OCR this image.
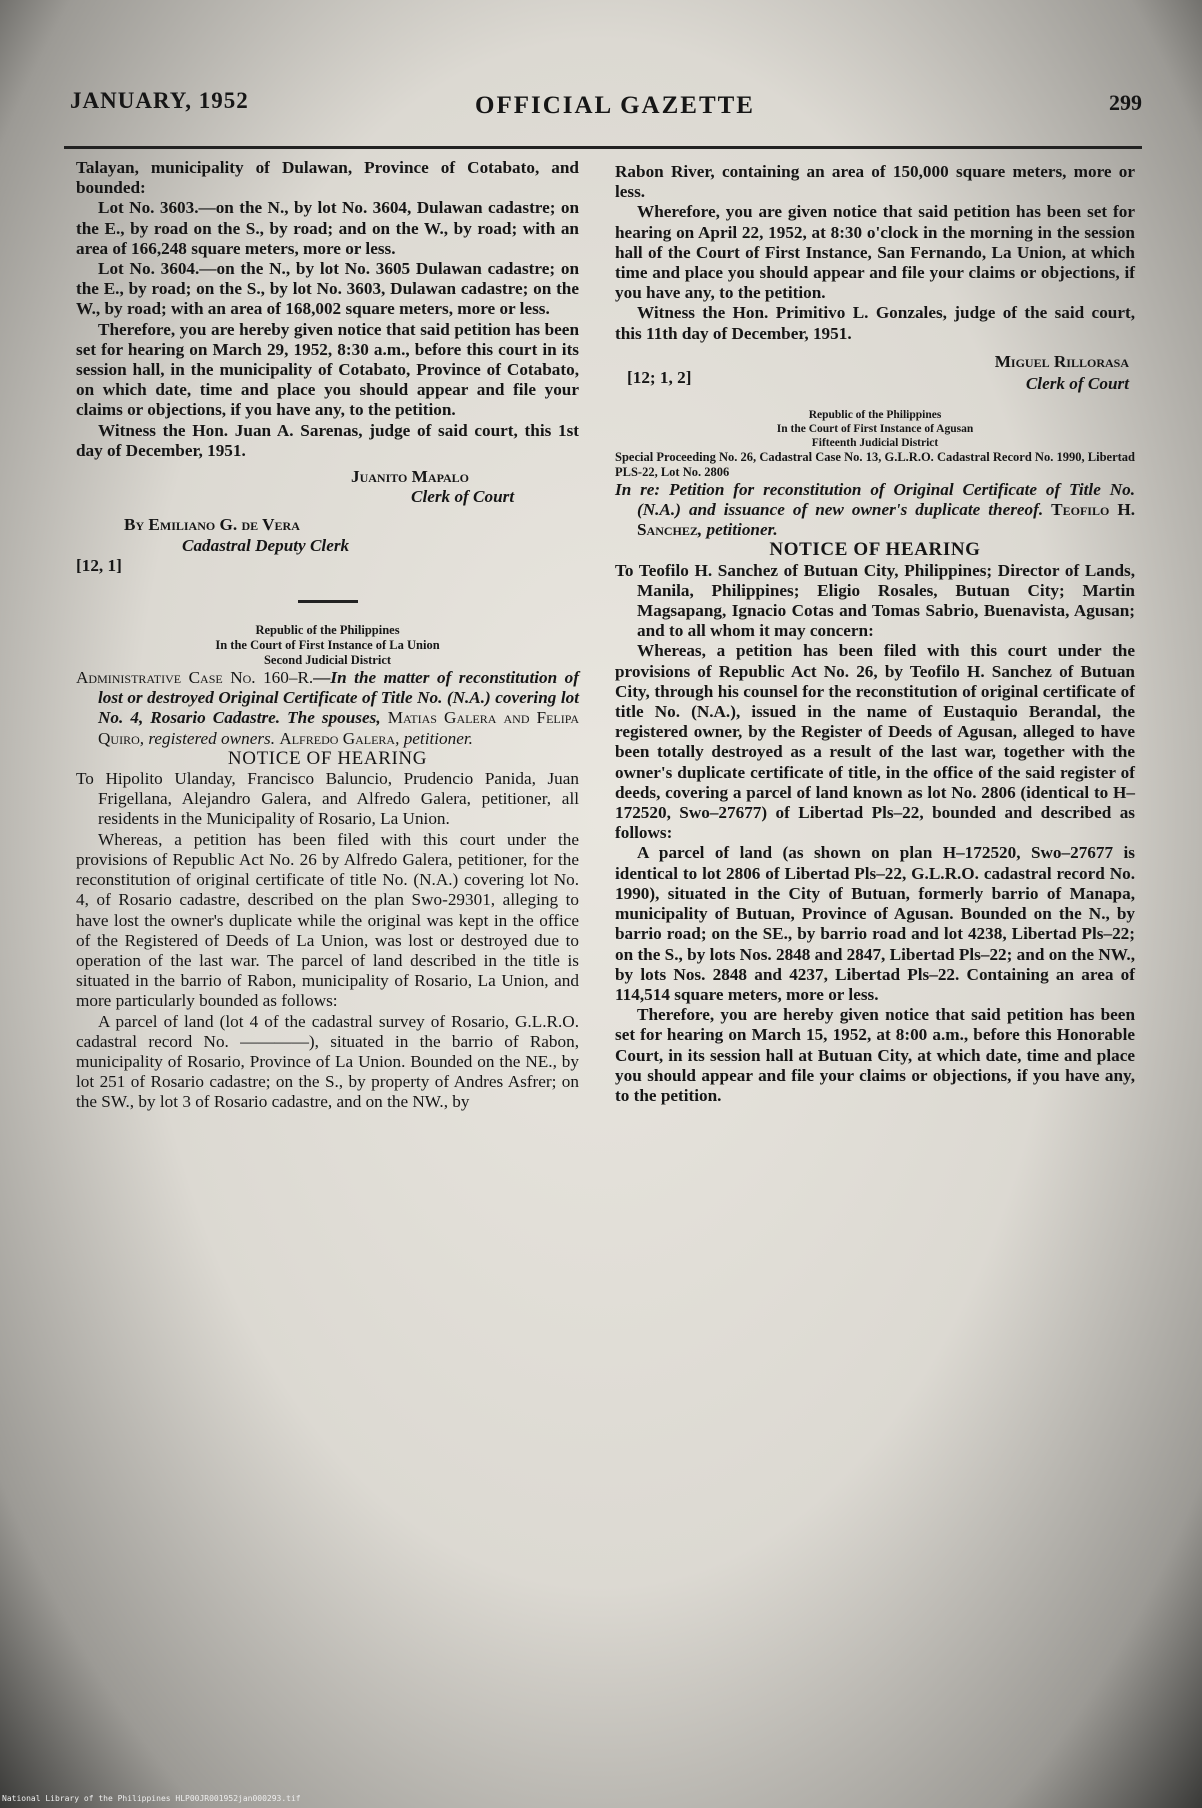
JANUARY, 1952	OFFICIAL GAZETTE	299

Talayan, municipality of Dulawan, Province of Cotabato, and bounded:

Lot No. 3603.—on the N., by lot No. 3604, Dulawan cadastre; on the E., by road on the S., by road; and on the W., by road; with an area of 166,248 square meters, more or less.

Lot No. 3604.—on the N., by lot No. 3605 Dulawan cadastre; on the E., by road; on the S., by lot No. 3603, Dulawan cadastre; on the W., by road; with an area of 168,002 square meters, more or less.

Therefore, you are hereby given notice that said petition has been set for hearing on March 29, 1952, 8:30 a.m., before this court in its session hall, in the municipality of Cotabato, Province of Cotabato, on which date, time and place you should appear and file your claims or objections, if you have any, to the petition.

Witness the Hon. Juan A. Sarenas, judge of said court, this 1st day of December, 1951.

Juanito Mapalo

Clerk of Court

By Emiliano G. de Vera

Cadastral Deputy Clerk

[12, 1]

Republic of the Philippines

In the Court of First Instance of La Union

Second Judicial District

Administrative Case No. 160–R.—In the matter of reconstitution of lost or destroyed Original Certificate of Title No. (N.A.) covering lot No. 4, Rosario Cadastre. The spouses, Matias Galera and Felipa Quiro, registered owners. Alfredo Galera, petitioner.

NOTICE OF HEARING

To Hipolito Ulanday, Francisco Baluncio, Prudencio Panida, Juan Frigellana, Alejandro Galera, and Alfredo Galera, petitioner, all residents in the Municipality of Rosario, La Union.

Whereas, a petition has been filed with this court under the provisions of Republic Act No. 26 by Alfredo Galera, petitioner, for the reconstitution of original certificate of title No. (N.A.) covering lot No. 4, of Rosario cadastre, described on the plan Swo-29301, alleging to have lost the owner's duplicate while the original was kept in the office of the Registered of Deeds of La Union, was lost or destroyed due to operation of the last war. The parcel of land described in the title is situated in the barrio of Rabon, municipality of Rosario, La Union, and more particularly bounded as follows:

A parcel of land (lot 4 of the cadastral survey of Rosario, G.L.R.O. cadastral record No. ————), situated in the barrio of Rabon, municipality of Rosario, Province of La Union. Bounded on the NE., by lot 251 of Rosario cadastre; on the S., by property of Andres Asfrer; on the SW., by lot 3 of Rosario cadastre, and on the NW., by

Rabon River, containing an area of 150,000 square meters, more or less.

Wherefore, you are given notice that said petition has been set for hearing on April 22, 1952, at 8:30 o'clock in the morning in the session hall of the Court of First Instance, San Fernando, La Union, at which time and place you should appear and file your claims or objections, if you have any, to the petition.

Witness the Hon. Primitivo L. Gonzales, judge of the said court, this 11th day of December, 1951.

[12; 1, 2]
Miguel Rillorasa
Clerk of Court

Republic of the Philippines

In the Court of First Instance of Agusan

Fifteenth Judicial District

Special Proceeding No. 26, Cadastral Case No. 13, G.L.R.O. Cadastral Record No. 1990, Libertad PLS-22, Lot No. 2806

In re: Petition for reconstitution of Original Certificate of Title No. (N.A.) and issuance of new owner's duplicate thereof. Teofilo H. Sanchez, petitioner.

NOTICE OF HEARING

To Teofilo H. Sanchez of Butuan City, Philippines; Director of Lands, Manila, Philippines; Eligio Rosales, Butuan City; Martin Magsapang, Ignacio Cotas and Tomas Sabrio, Buenavista, Agusan; and to all whom it may concern:

Whereas, a petition has been filed with this court under the provisions of Republic Act No. 26, by Teofilo H. Sanchez of Butuan City, through his counsel for the reconstitution of original certificate of title No. (N.A.), issued in the name of Eustaquio Berandal, the registered owner, by the Register of Deeds of Agusan, alleged to have been totally destroyed as a result of the last war, together with the owner's duplicate certificate of title, in the office of the said register of deeds, covering a parcel of land known as lot No. 2806 (identical to H–172520, Swo–27677) of Libertad Pls–22, bounded and described as follows:

A parcel of land (as shown on plan H–172520, Swo–27677 is identical to lot 2806 of Libertad Pls–22, G.L.R.O. cadastral record No. 1990), situated in the City of Butuan, formerly barrio of Manapa, municipality of Butuan, Province of Agusan. Bounded on the N., by barrio road; on the SE., by barrio road and lot 4238, Libertad Pls–22; on the S., by lots Nos. 2848 and 2847, Libertad Pls–22; and on the NW., by lots Nos. 2848 and 4237, Libertad Pls–22. Containing an area of 114,514 square meters, more or less.

Therefore, you are hereby given notice that said petition has been set for hearing on March 15, 1952, at 8:00 a.m., before this Honorable Court, in its session hall at Butuan City, at which date, time and place you should appear and file your claims or objections, if you have any, to the petition.

National Library of the Philippines HLP00JR001952jan000293.tif
